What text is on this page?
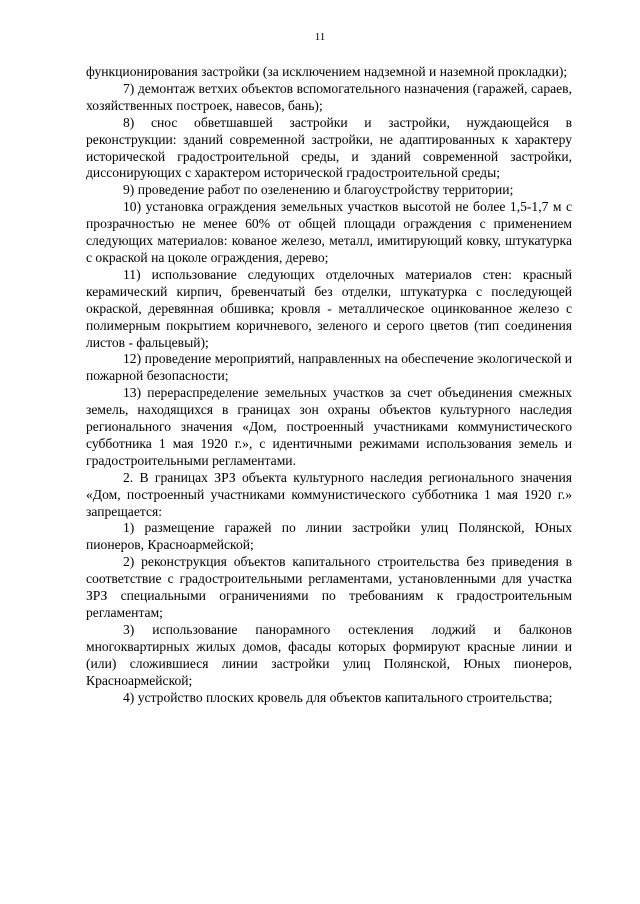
11

функционирования застройки (за исключением надземной и наземной прокладки);

7) демонтаж ветхих объектов вспомогательного назначения (гаражей, сараев, хозяйственных построек, навесов, бань);

8) снос обветшавшей застройки и застройки, нуждающейся в реконструкции: зданий современной застройки, не адаптированных к характеру исторической градостроительной среды, и зданий современной застройки, диссонирующих с характером исторической градостроительной среды;

9) проведение работ по озеленению и благоустройству территории;

10) установка ограждения земельных участков высотой не более 1,5-1,7 м с прозрачностью не менее 60% от общей площади ограждения с применением следующих материалов: кованое железо, металл, имитирующий ковку, штукатурка с окраской на цоколе ограждения, дерево;

11) использование следующих отделочных материалов стен: красный керамический кирпич, бревенчатый без отделки, штукатурка с последующей окраской, деревянная обшивка; кровля - металлическое оцинкованное железо с полимерным покрытием коричневого, зеленого и серого цветов (тип соединения листов - фальцевый);

12) проведение мероприятий, направленных на обеспечение экологической и пожарной безопасности;

13) перераспределение земельных участков за счет объединения смежных земель, находящихся в границах зон охраны объектов культурного наследия регионального значения «Дом, построенный участниками коммунистического субботника 1 мая 1920 г.», с идентичными режимами использования земель и градостроительными регламентами.

2. В границах ЗРЗ объекта культурного наследия регионального значения «Дом, построенный участниками коммунистического субботника 1 мая 1920 г.» запрещается:

1) размещение гаражей по линии застройки улиц Полянской, Юных пионеров, Красноармейской;

2) реконструкция объектов капитального строительства без приведения в соответствие с градостроительными регламентами, установленными для участка ЗРЗ специальными ограничениями по требованиям к градостроительным регламентам;

3) использование панорамного остекления лоджий и балконов многоквартирных жилых домов, фасады которых формируют красные линии и (или) сложившиеся линии застройки улиц Полянской, Юных пионеров, Красноармейской;

4) устройство плоских кровель для объектов капитального строительства;
